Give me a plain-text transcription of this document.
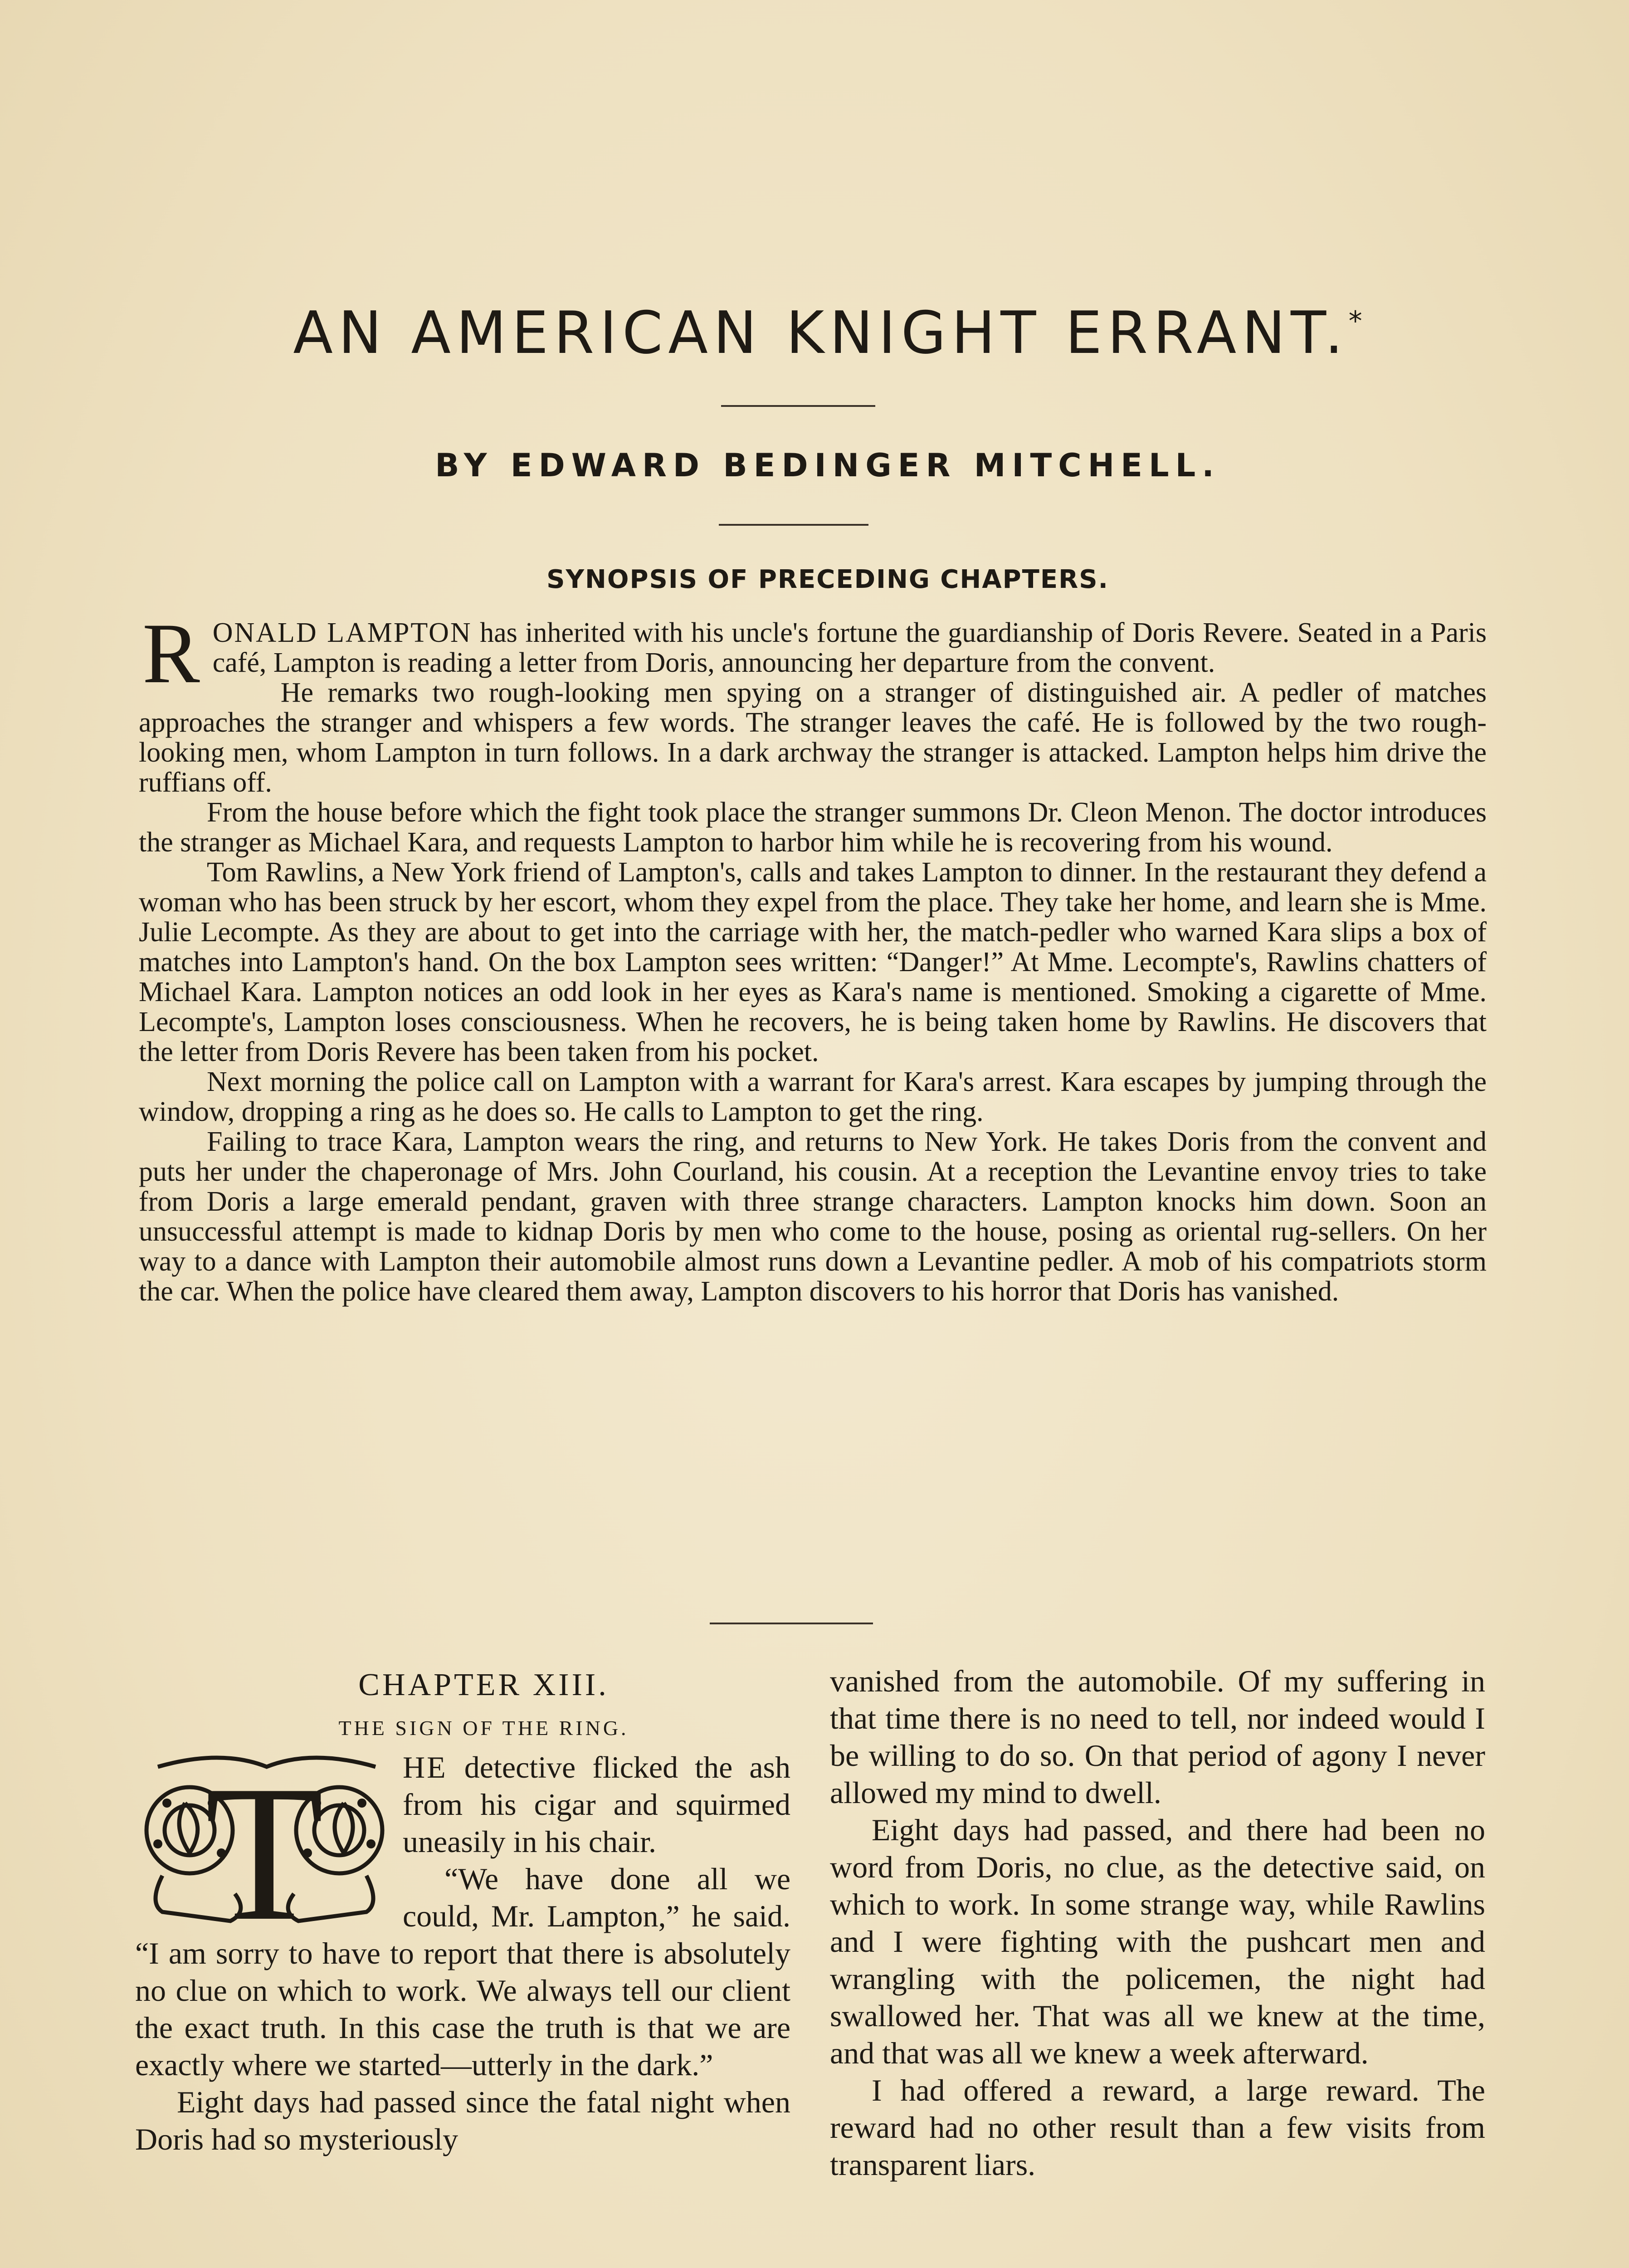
AN AMERICAN KNIGHT ERRANT.*

BY EDWARD BEDINGER MITCHELL.

SYNOPSIS OF PRECEDING CHAPTERS.

RONALD LAMPTON has inherited with his uncle's fortune the guardianship of Doris Revere. Seated in a Paris café, Lampton is reading a letter from Doris, announcing her departure from the convent.

He remarks two rough-looking men spying on a stranger of distinguished air. A pedler of matches approaches the stranger and whispers a few words. The stranger leaves the café. He is followed by the two rough-looking men, whom Lampton in turn follows. In a dark archway the stranger is attacked. Lampton helps him drive the ruffians off.

From the house before which the fight took place the stranger summons Dr. Cleon Menon. The doctor introduces the stranger as Michael Kara, and requests Lampton to harbor him while he is recovering from his wound.

Tom Rawlins, a New York friend of Lampton's, calls and takes Lampton to dinner. In the restaurant they defend a woman who has been struck by her escort, whom they expel from the place. They take her home, and learn she is Mme. Julie Lecompte. As they are about to get into the carriage with her, the match-pedler who warned Kara slips a box of matches into Lampton's hand. On the box Lampton sees written: “Danger!” At Mme. Lecompte's, Rawlins chatters of Michael Kara. Lampton notices an odd look in her eyes as Kara's name is mentioned. Smoking a cigarette of Mme. Lecompte's, Lampton loses consciousness. When he recovers, he is being taken home by Rawlins. He discovers that the letter from Doris Revere has been taken from his pocket.

Next morning the police call on Lampton with a warrant for Kara's arrest. Kara escapes by jumping through the window, dropping a ring as he does so. He calls to Lampton to get the ring.

Failing to trace Kara, Lampton wears the ring, and returns to New York. He takes Doris from the convent and puts her under the chaperonage of Mrs. John Courland, his cousin. At a reception the Levantine envoy tries to take from Doris a large emerald pendant, graven with three strange characters. Lampton knocks him down. Soon an unsuccessful attempt is made to kidnap Doris by men who come to the house, posing as oriental rug-sellers. On her way to a dance with Lampton their automobile almost runs down a Levantine pedler. A mob of his compatriots storm the car. When the police have cleared them away, Lampton discovers to his horror that Doris has vanished.

CHAPTER XIII.

THE SIGN OF THE RING.

T	HE detective flicked the ash from his cigar and squirmed uneasily in his chair.

“We have done all we could, Mr. Lampton,” he said. “I am sorry to have to report that there is absolutely no clue on which to work. We always tell our client the exact truth. In this case the truth is that we are exactly where we started—utterly in the dark.”

Eight days had passed since the fatal night when Doris had so mysteriously

vanished from the automobile. Of my suffering in that time there is no need to tell, nor indeed would I be willing to do so. On that period of agony I never allowed my mind to dwell.

Eight days had passed, and there had been no word from Doris, no clue, as the detective said, on which to work. In some strange way, while Rawlins and I were fighting with the pushcart men and wrangling with the policemen, the night had swallowed her. That was all we knew at the time, and that was all we knew a week afterward.

I had offered a reward, a large reward. The reward had no other result than a few visits from transparent liars.
